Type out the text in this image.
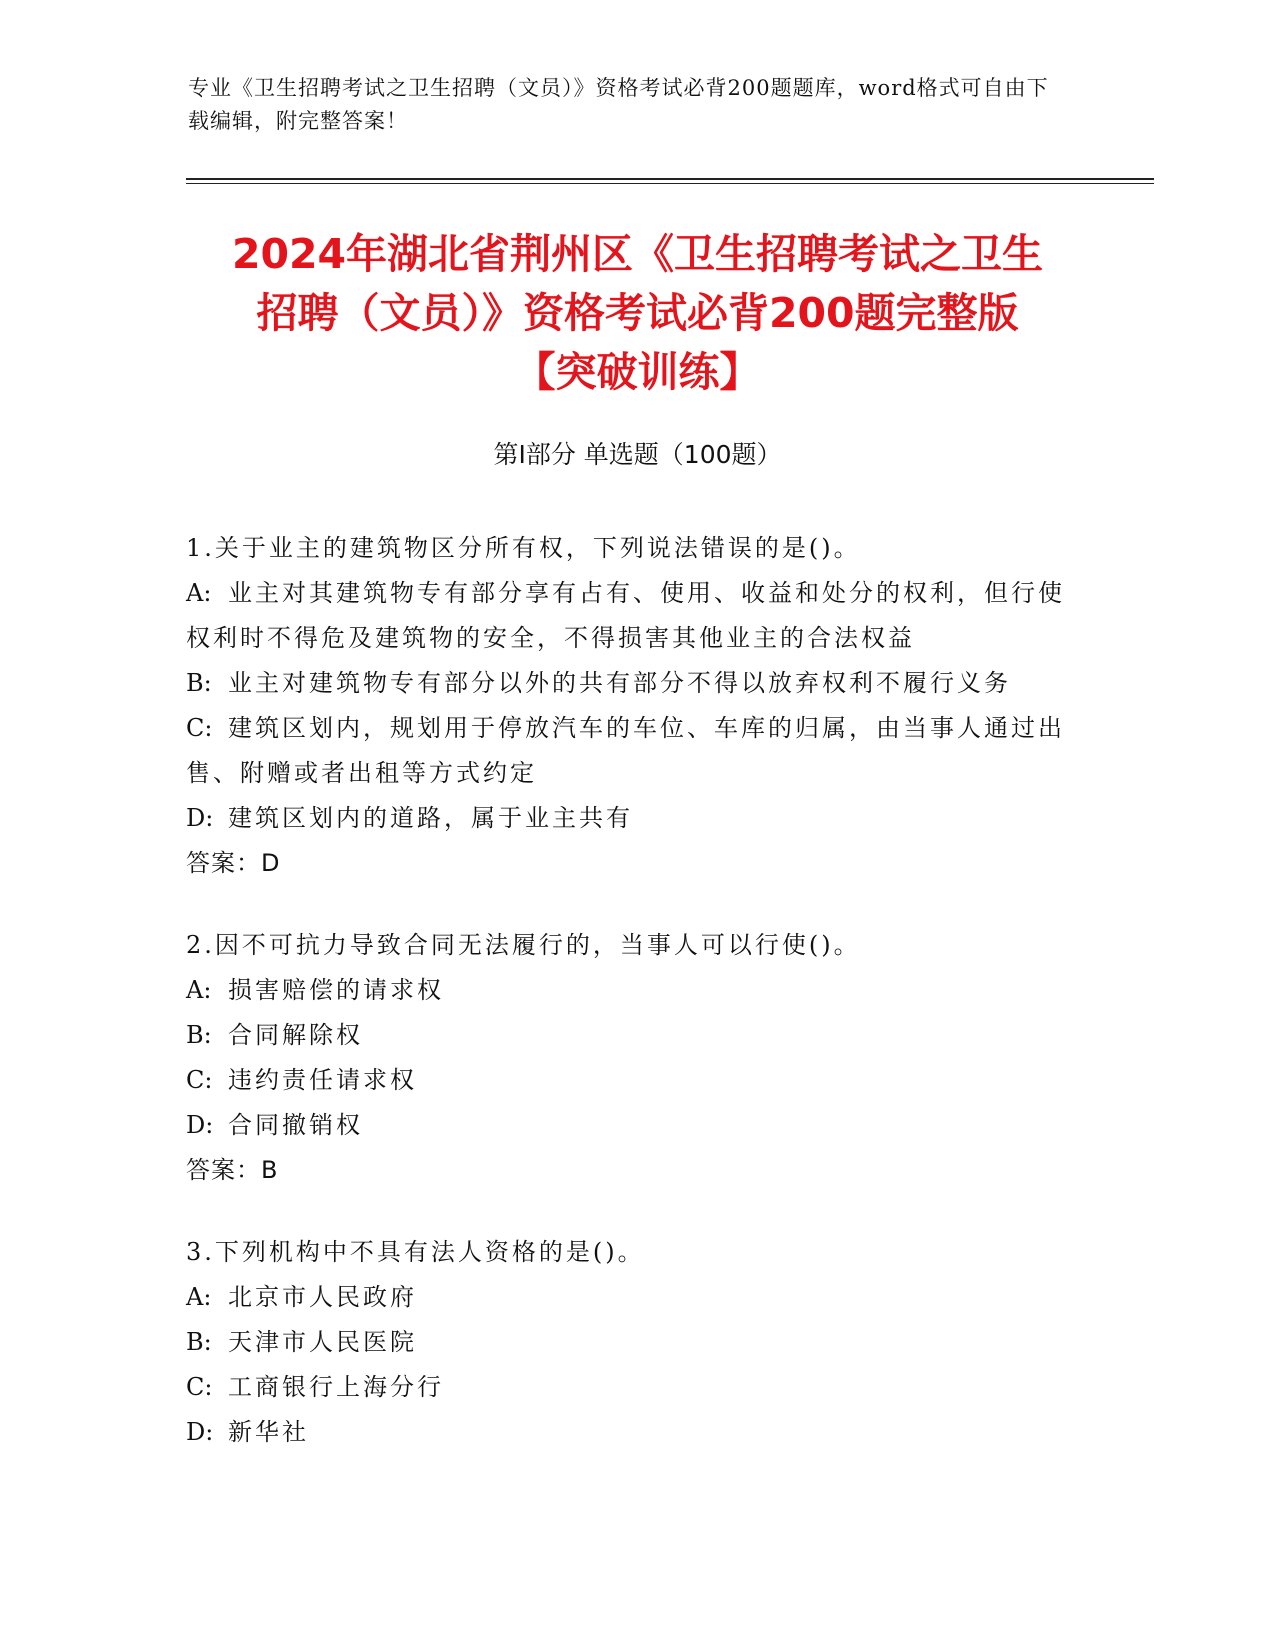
专业《卫生招聘考试之卫生招聘（文员）》资格考试必背200题题库，word格式可自由下载编辑，附完整答案！
2024年湖北省荆州区《卫生招聘考试之卫生
招聘（文员）》资格考试必背200题完整版
【突破训练】
第Ⅰ部分 单选题（100题）
1.关于业主的建筑物区分所有权，下列说法错误的是()。
A: 业主对其建筑物专有部分享有占有、使用、收益和处分的权利，但行使权利时不得危及建筑物的安全，不得损害其他业主的合法权益
B: 业主对建筑物专有部分以外的共有部分不得以放弃权利不履行义务
C: 建筑区划内，规划用于停放汽车的车位、车库的归属，由当事人通过出售、附赠或者出租等方式约定
D: 建筑区划内的道路，属于业主共有
答案：D
2.因不可抗力导致合同无法履行的，当事人可以行使()。
A: 损害赔偿的请求权
B: 合同解除权
C: 违约责任请求权
D: 合同撤销权
答案：B
3.下列机构中不具有法人资格的是()。
A: 北京市人民政府
B: 天津市人民医院
C: 工商银行上海分行
D: 新华社
